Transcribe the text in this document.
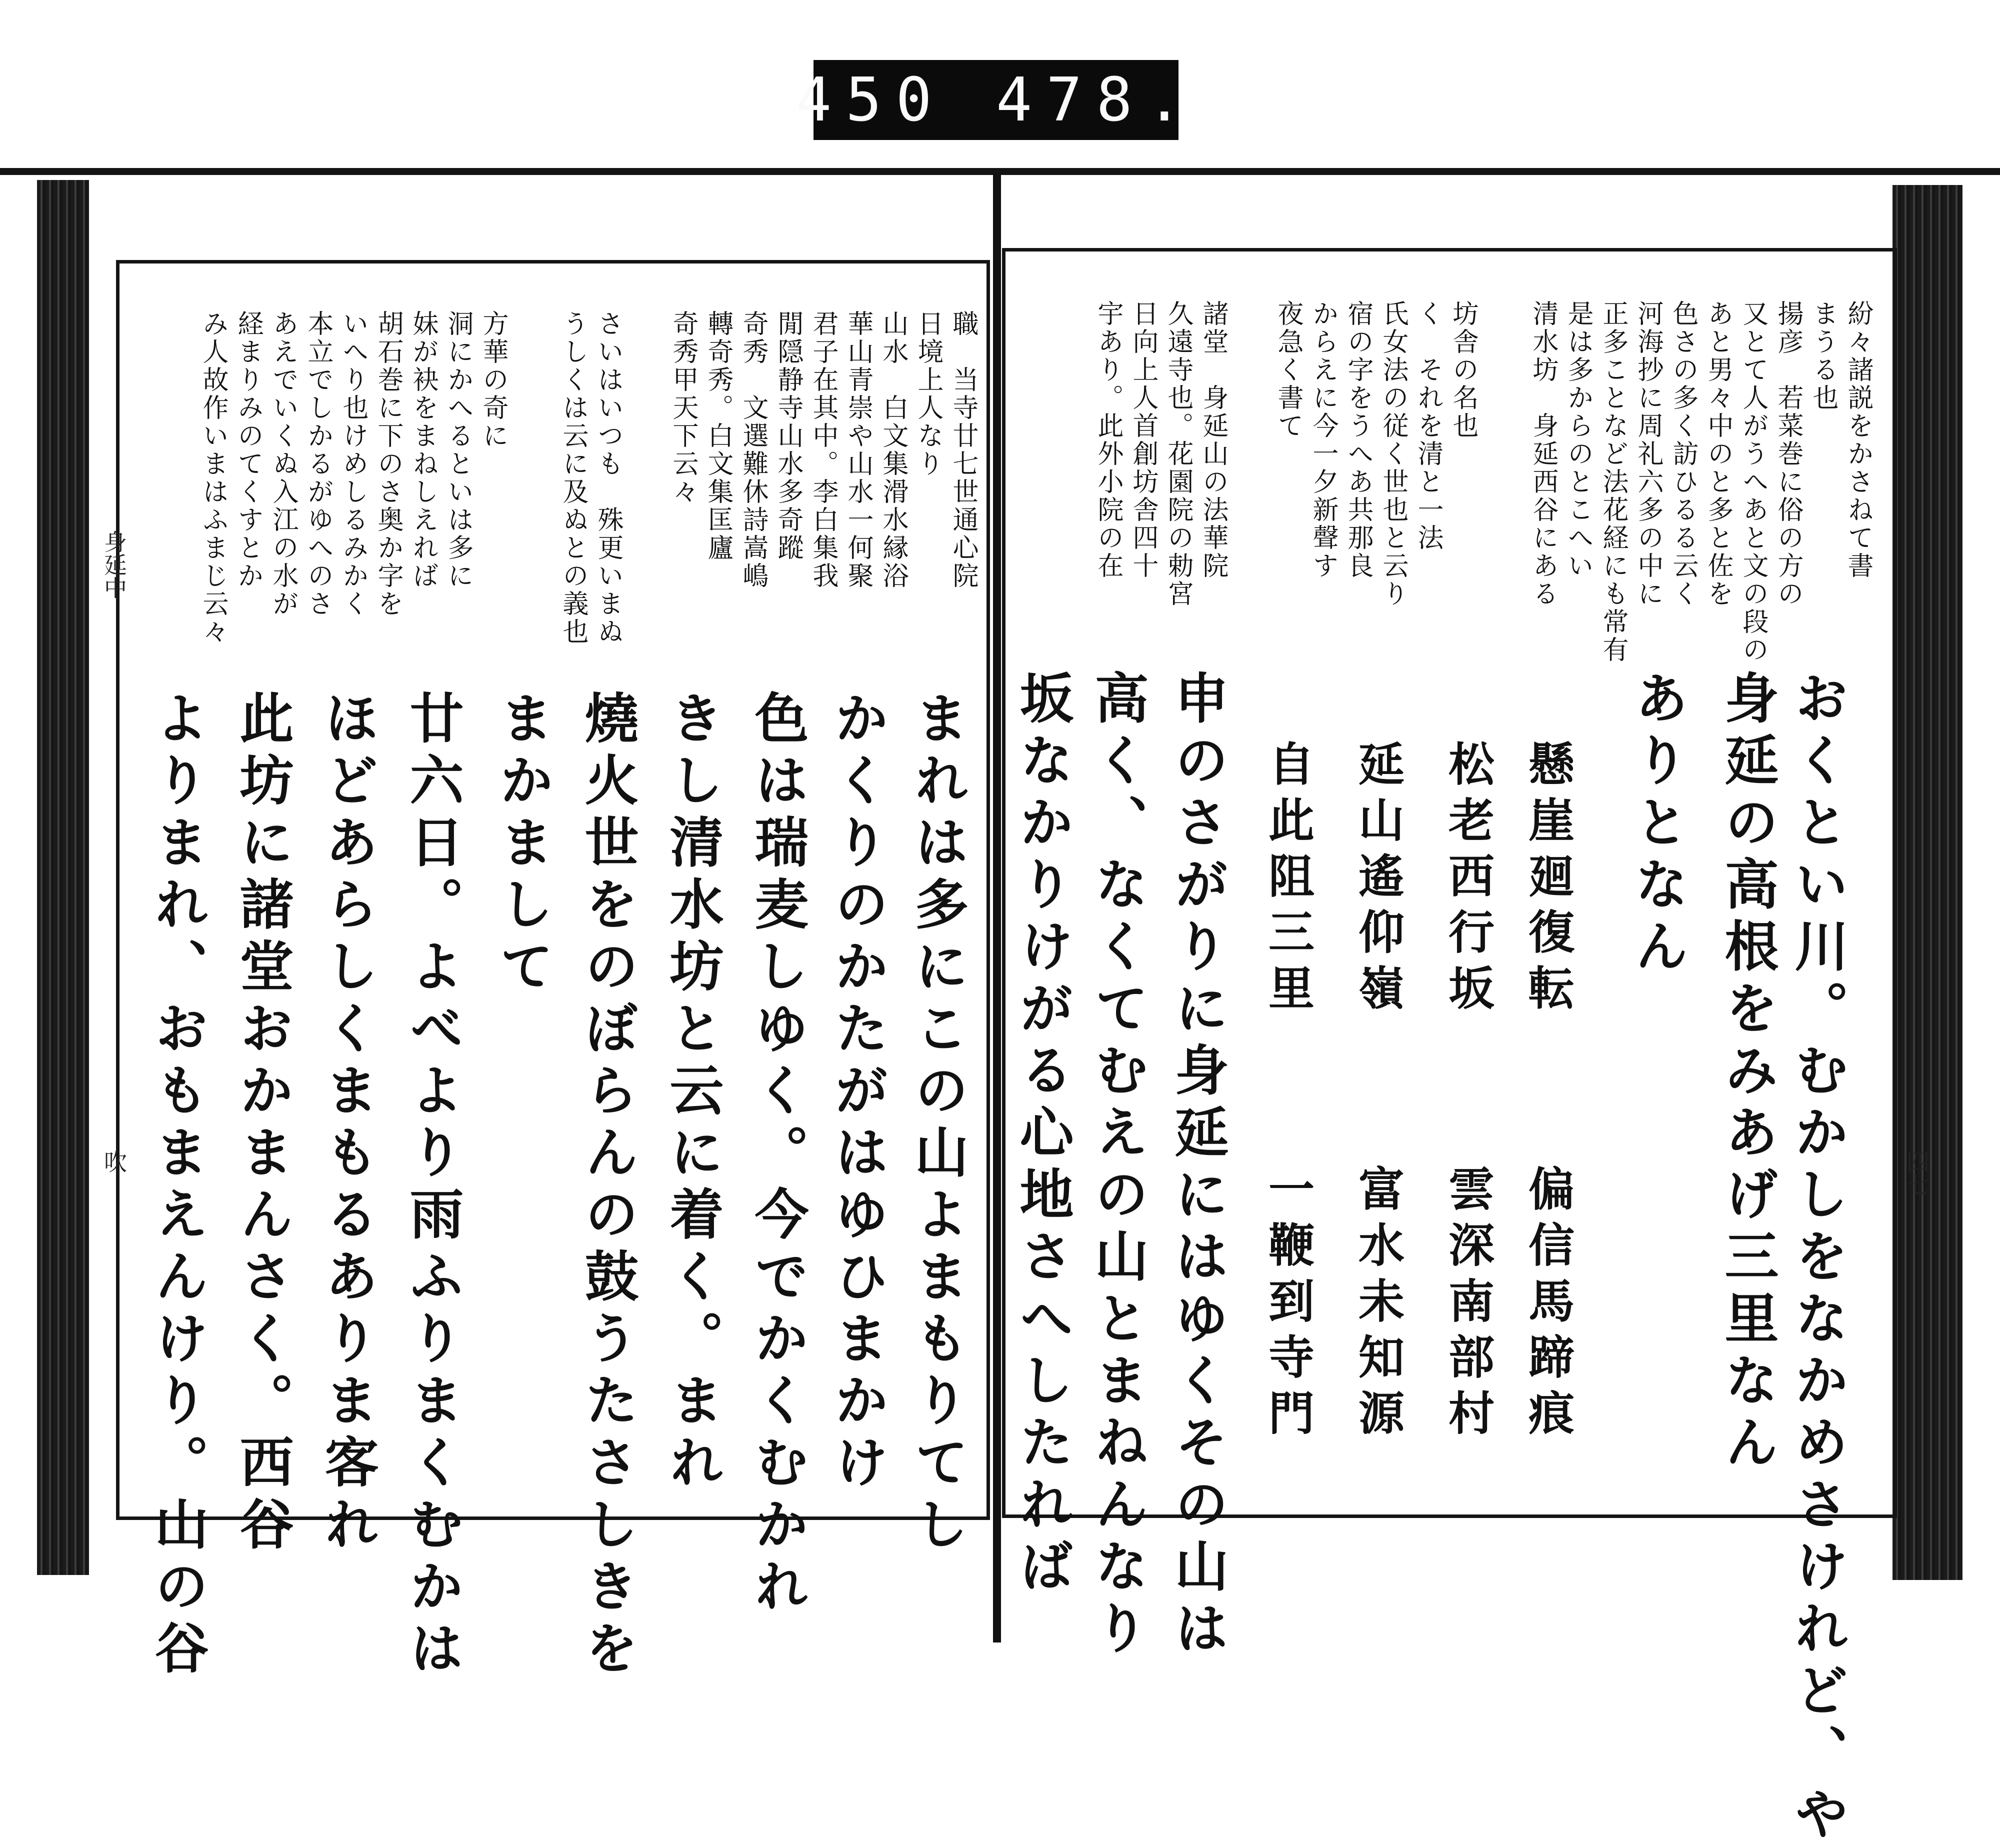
450 478.
身延中
吹	四七
紛々諸説をかさねて書
まうる也
揚彦　若菜巻に俗の方の
又とて人がうへあと文の段の
あと男々中のと多と佐を
色さの多く訪ひるる云く
河海抄に周礼六多の中に
正多ことなど法花経にも常有
是は多からのとこへい
清水坊　身延西谷にある
坊舎の名也
く　それを清と一法
氏女法の従く世也と云り
宿の字をうへあ共那良
からえに今一夕新聲す
夜急く書て
諸堂　身延山の法華院
久遠寺也。花園院の勅宮
日向上人首創坊舎四十
宇あり。此外小院の在
おくとい川。むかしをなかめさけれど、や
身延の高根をみあげ三里なん
ありとなん
懸崖廻復転
偏信馬蹄痕
松老西行坂
雲深南部村
延山遙仰嶺
富水未知源
自此阻三里
一鞭到寺門
申のさがりに身延にはゆくその山は
高く、なくてむえの山とまねんなり
坂なかりけがる心地さへしたれば
職　当寺廿七世通心院
日境上人なり
山水　白文集滑水縁浴
華山青崇や山水一何聚
君子在其中。李白集我
閒隠静寺山水多奇蹤
奇秀　文選難休詩嵩嶋
轉奇秀。白文集匡廬
奇秀甲天下云々
さいはいつも　殊更いまぬ
うしくは云に及ぬとの義也
方華の奇に
洞にかへるといは多に
妹が袂をまねしえれば
胡石巻に下のさ奥か字を
いへり也けめしるみかく
本立でしかるがゆへのさ
あえでいくぬ入江の水が
経まりみのてくすとか
み人故作いまはふまじ云々
まれは多にこの山よまもりてし
かくりのかたがはゆひまかけ
色は瑞麦しゆく。今でかくむかれ
きし清水坊と云に着く。まれ
燒火世をのぼらんの鼓うたさしきを
まかまして
廿六日。よべより雨ふりまくむかは
ほどあらしくまもるありま客れ
此坊に諸堂おかまんさく。西谷
よりまれ、おもまえんけり。山の谷
